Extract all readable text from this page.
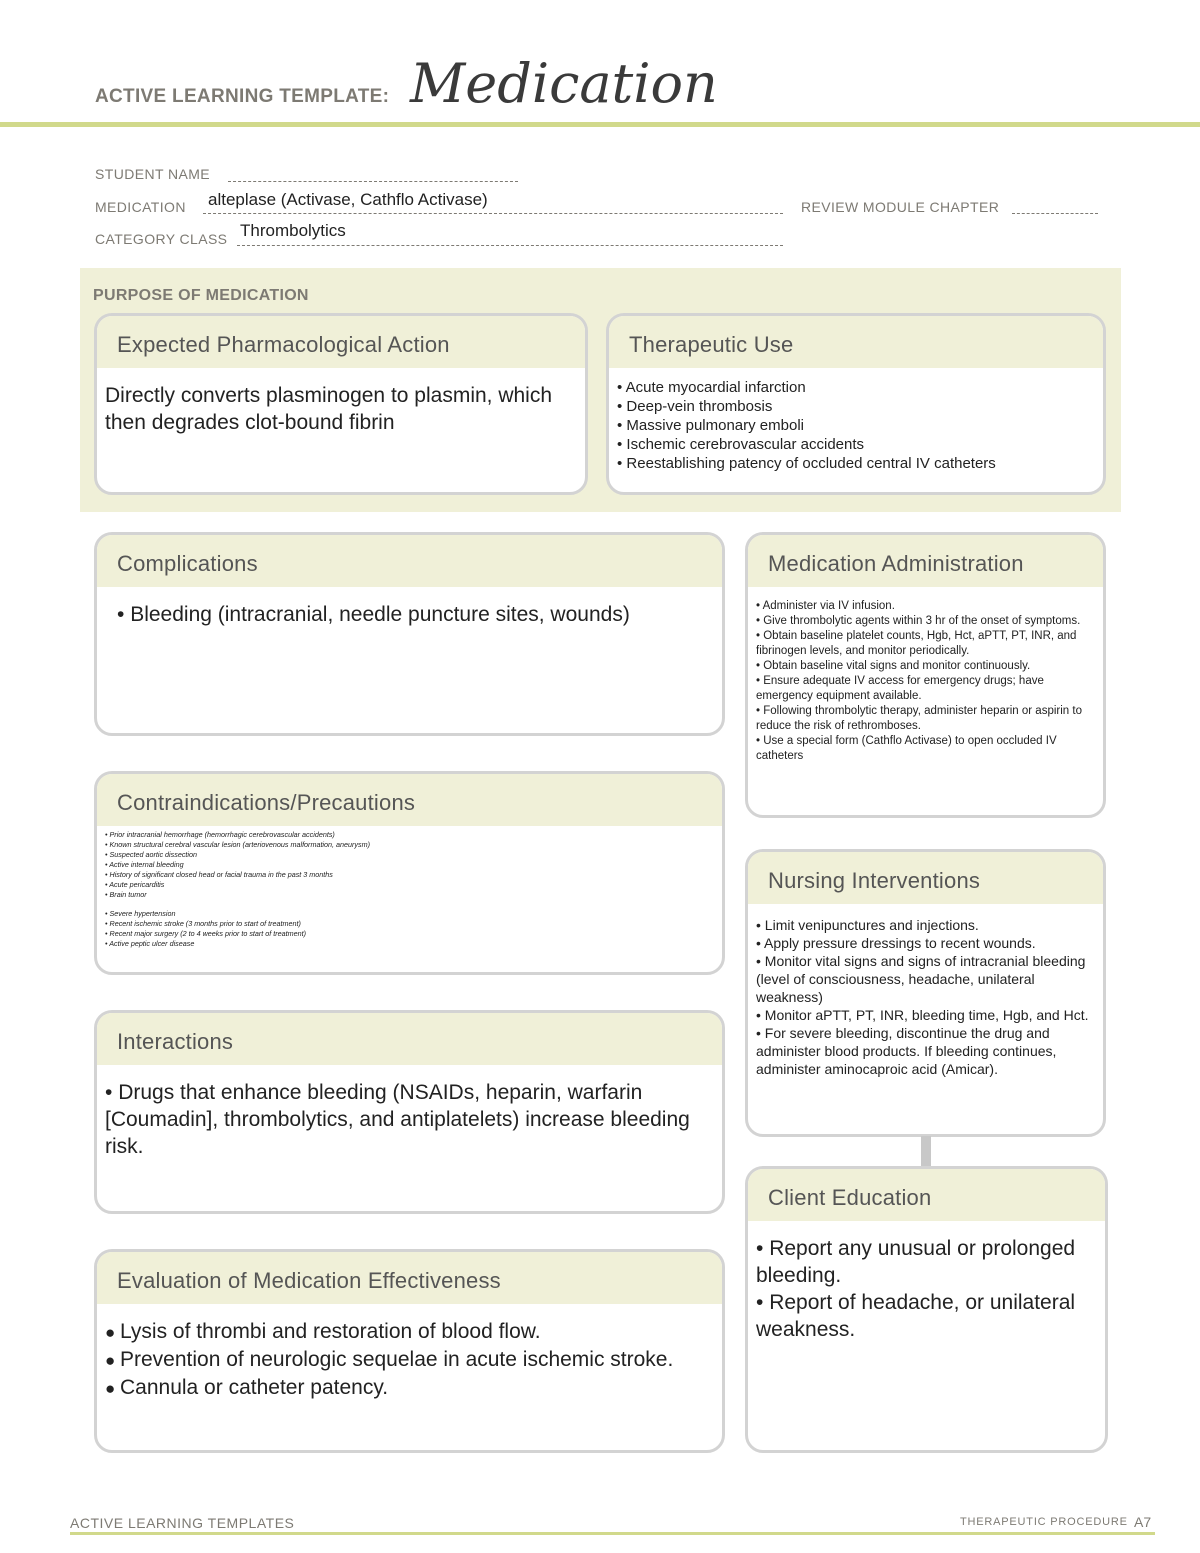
ACTIVE LEARNING TEMPLATE: Medication
STUDENT NAME
MEDICATION alteplase (Activase, Cathflo Activase)	REVIEW MODULE CHAPTER
CATEGORY CLASS Thrombolytics
PURPOSE OF MEDICATION
Expected Pharmacological Action
Directly converts plasminogen to plasmin, which then degrades clot-bound fibrin
Therapeutic Use
• Acute myocardial infarction
• Deep-vein thrombosis
• Massive pulmonary emboli
• Ischemic cerebrovascular accidents
• Reestablishing patency of occluded central IV catheters
Complications
• Bleeding (intracranial, needle puncture sites, wounds)
Medication Administration
• Administer via IV infusion.
• Give thrombolytic agents within 3 hr of the onset of symptoms.
• Obtain baseline platelet counts, Hgb, Hct, aPTT, PT, INR, and fibrinogen levels, and monitor periodically.
• Obtain baseline vital signs and monitor continuously.
• Ensure adequate IV access for emergency drugs; have emergency equipment available.
• Following thrombolytic therapy, administer heparin or aspirin to reduce the risk of rethromboses.
• Use a special form (Cathflo Activase) to open occluded IV catheters
Contraindications/Precautions
• Prior intracranial hemorrhage (hemorrhagic cerebrovascular accidents)
• Known structural cerebral vascular lesion (arteriovenous malformation, aneurysm)
• Suspected aortic dissection
• Active internal bleeding
• History of significant closed head or facial trauma in the past 3 months
• Acute pericarditis
• Brain tumor
• Severe hypertension
• Recent ischemic stroke (3 months prior to start of treatment)
• Recent major surgery (2 to 4 weeks prior to start of treatment)
• Active peptic ulcer disease
Nursing Interventions
• Limit venipunctures and injections.
• Apply pressure dressings to recent wounds.
• Monitor vital signs and signs of intracranial bleeding (level of consciousness, headache, unilateral weakness)
• Monitor aPTT, PT, INR, bleeding time, Hgb, and Hct.
• For severe bleeding, discontinue the drug and administer blood products. If bleeding continues, administer aminocaproic acid (Amicar).
Interactions
• Drugs that enhance bleeding (NSAIDs, heparin, warfarin [Coumadin], thrombolytics, and antiplatelets) increase bleeding risk.
Client Education
• Report any unusual or prolonged bleeding.
• Report of headache, or unilateral weakness.
Evaluation of Medication Effectiveness
● Lysis of thrombi and restoration of blood flow.
● Prevention of neurologic sequelae in acute ischemic stroke.
● Cannula or catheter patency.
ACTIVE LEARNING TEMPLATES	THERAPEUTIC PROCEDURE A7
